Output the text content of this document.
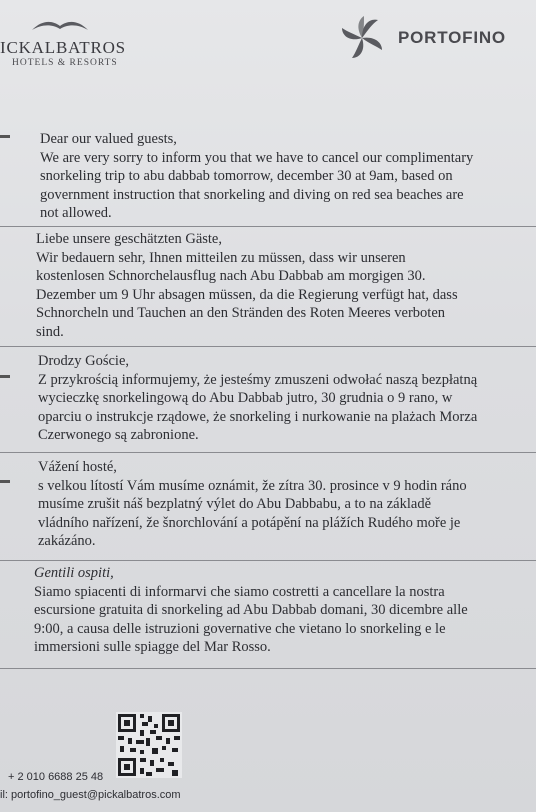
ICKALBATROS
HOTELS & RESORTS
PORTOFINO
Dear our valued guests,
We are very sorry to inform you that we have to cancel our complimentary
snorkeling trip to abu dabbab tomorrow, december 30 at 9am, based on
government instruction that snorkeling and diving on red sea beaches are
not allowed.
Liebe unsere geschätzten Gäste,
Wir bedauern sehr, Ihnen mitteilen zu müssen, dass wir unseren
kostenlosen Schnorchelausflug nach Abu Dabbab am morgigen 30.
Dezember um 9 Uhr absagen müssen, da die Regierung verfügt hat, dass
Schnorcheln und Tauchen an den Stränden des Roten Meeres verboten
sind.
Drodzy Goście,
Z przykrością informujemy, że jesteśmy zmuszeni odwołać naszą bezpłatną
wycieczkę snorkelingową do Abu Dabbab jutro, 30 grudnia o 9 rano, w
oparciu o instrukcje rządowe, że snorkeling i nurkowanie na plażach Morza
Czerwonego są zabronione.
Vážení hosté,
s velkou lítostí Vám musíme oznámit, že zítra 30. prosince v 9 hodin ráno
musíme zrušit náš bezplatný výlet do Abu Dabbabu, a to na základě
vládního nařízení, že šnorchlování a potápění na plážích Rudého moře je
zakázáno.
Gentili ospiti,
Siamo spiacenti di informarvi che siamo costretti a cancellare la nostra
escursione gratuita di snorkeling ad Abu Dabbab domani, 30 dicembre alle
9:00, a causa delle istruzioni governative che vietano lo snorkeling e le
immersioni sulle spiagge del Mar Rosso.
+ 2 010 6688 25 48
il: portofino_guest@pickalbatros.com
